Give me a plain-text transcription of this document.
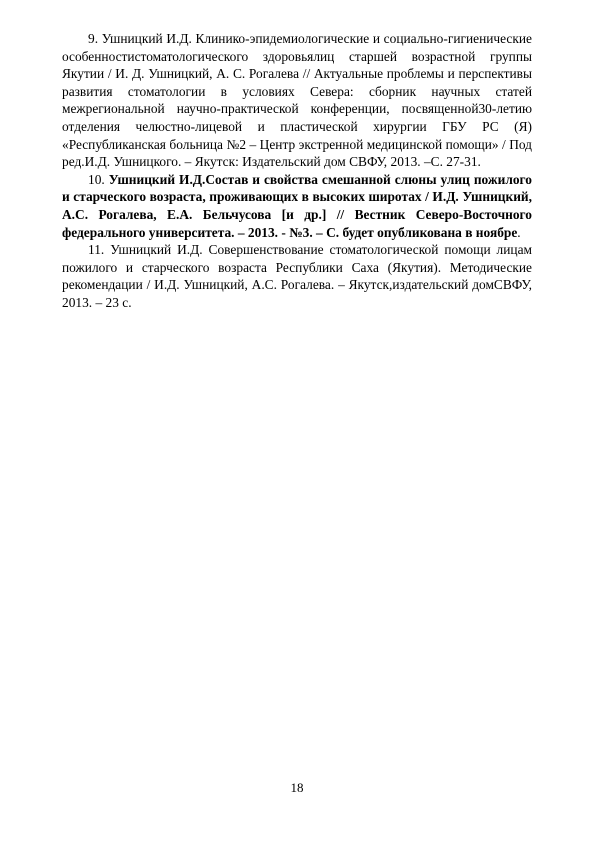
9. Ушницкий И.Д. Клинико-эпидемиологические и социально-гигиенические особенностистоматологического здоровьялиц старшей возрастной группы Якутии / И. Д. Ушницкий, А. С. Рогалева // Актуальные проблемы и перспективы развития стоматологии в условиях Севера: сборник научных статей межрегиональной научно-практической конференции, посвященной30-летию отделения челюстно-лицевой и пластической хирургии ГБУ РС (Я) «Республиканская больница №2 – Центр экстренной медицинской помощи» / Под ред.И.Д. Ушницкого. – Якутск: Издательский дом СВФУ, 2013. –С. 27-31.

10. Ушницкий И.Д.Состав и свойства смешанной слюны улиц пожилого и старческого возраста, проживающих в высоких широтах / И.Д. Ушницкий, А.С. Рогалева, Е.А. Бельчусова [и др.] // Вестник Северо-Восточного федерального университета. – 2013. - №3. – С. будет опубликована в ноябре.

11. Ушницкий И.Д. Совершенствование стоматологической помощи лицам пожилого и старческого возраста Республики Саха (Якутия). Методические рекомендации / И.Д. Ушницкий, А.С. Рогалева. – Якутск,издательский домСВФУ, 2013. – 23 с.

18
